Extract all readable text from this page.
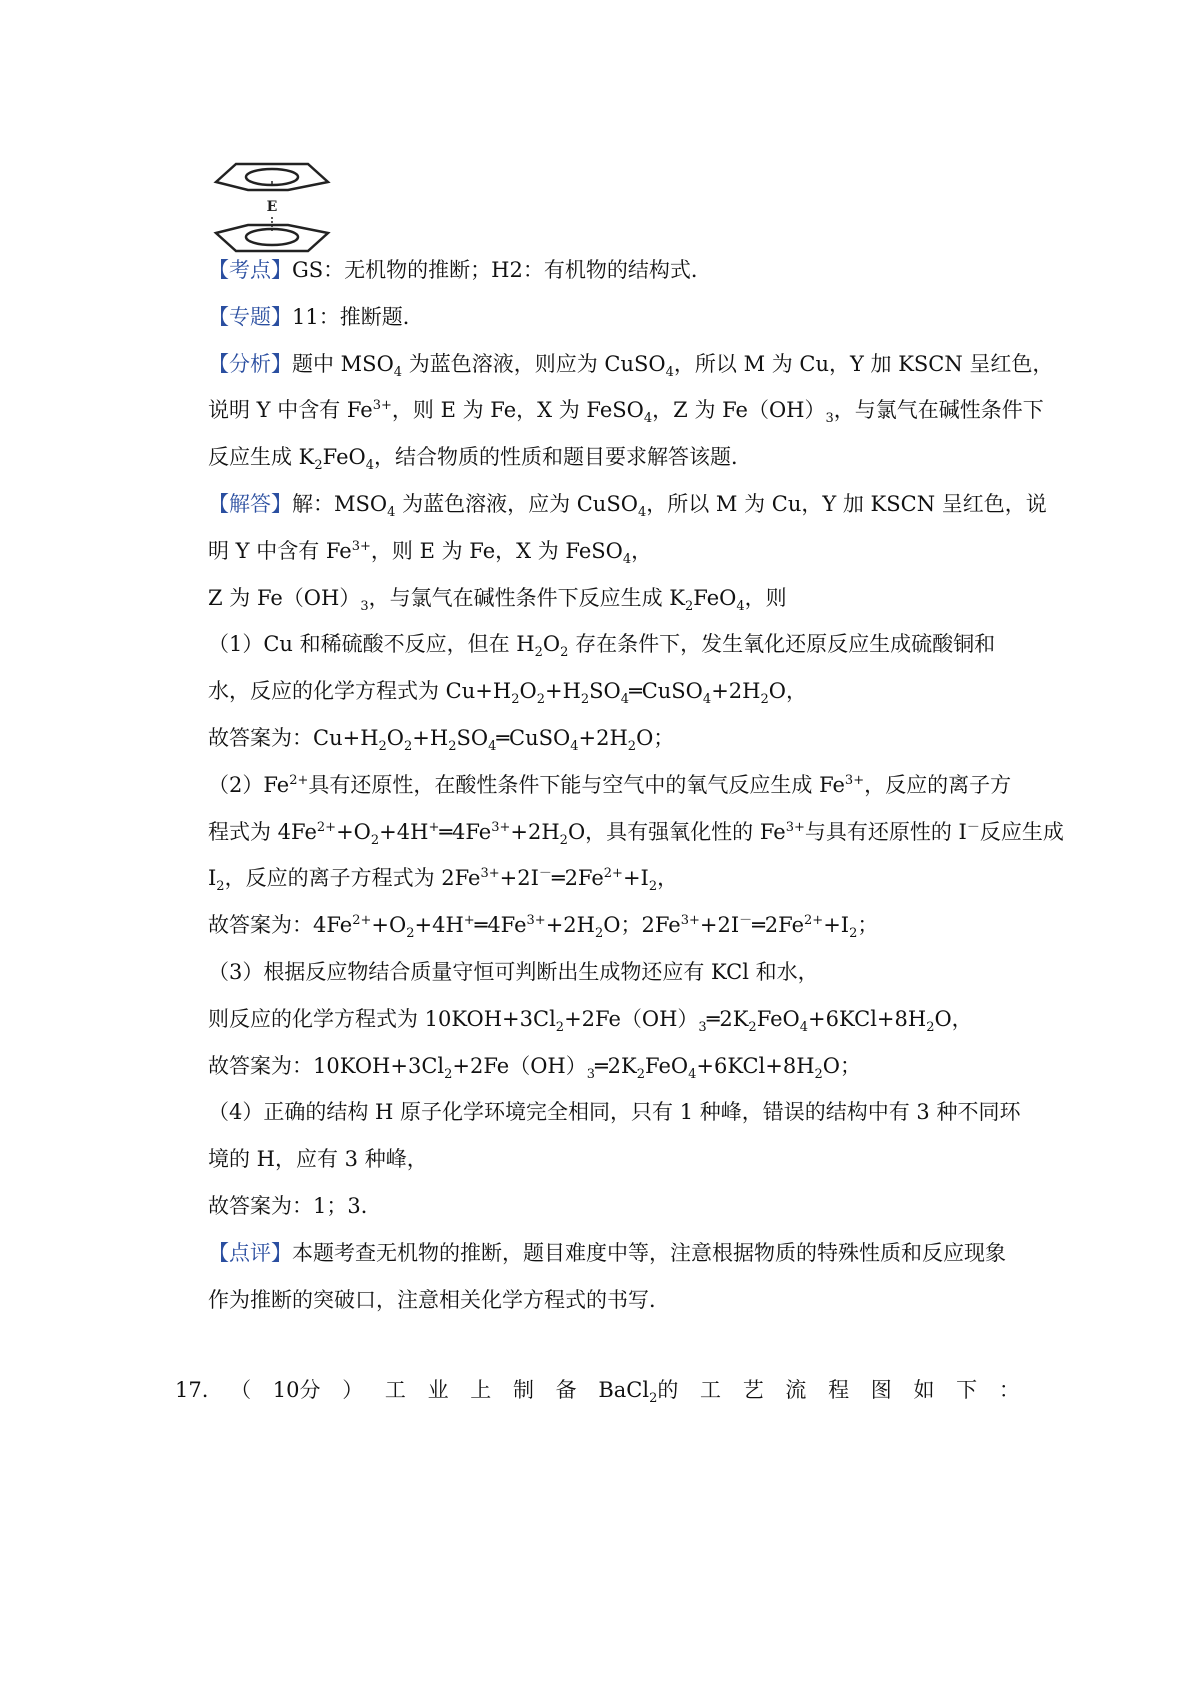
E
【考点】GS：无机物的推断；H2：有机物的结构式．
【专题】11：推断题．
【分析】题中 $MSO_4$ 为蓝色溶液，则应为 CuSO$_4$，所以 M 为 Cu，Y 加 KSCN 呈红色，
说明 Y 中含有 $Fe^{3+}$，则 E 为 Fe，X 为 FeSO$_4$，Z 为 $Fe(OH)_3$，与氯气在碱性条件下
反应生成 $K_2FeO_4$，结合物质的性质和题目要求解答该题．
【解答】解：$MSO_4$ 为蓝色溶液，应为 CuSO$_4$，所以 M 为 Cu，Y 加 KSCN 呈红色，说
明 Y 中含有 $Fe^{3+}$，则 E 为 Fe，X 为 FeSO$_4$，
Z 为 $Fe(OH)_3$，与氯气在碱性条件下反应生成 $K_2FeO_4$，则
（1）Cu 和稀硫酸不反应，但在 $H_2O_2$ 存在条件下，发生氧化还原反应生成硫酸铜和
水，反应的化学方程式为 $Cu+H_2O_2+H_2SO_4═CuSO_4+2H_2O$，
故答案为：$Cu+H_2O_2+H_2SO_4═CuSO_4+2H_2O$；
$(2)Fe^{2+}$具有还原性，在酸性条件下能与空气中的氧气反应生成 $Fe^{3+}$，反应的离子方
程式为 $4Fe^{2+}+O_2+4H^+═4Fe^{3+}+2H_2O$，具有强氧化性的 $Fe^{3+}$与具有还原性的 I－反应生成
$I_2$，反应的离子方程式为 $2Fe^{3+}+2I^-═2Fe^{2+}+I_2$，
故答案为：$4Fe^{2+}+O_2+4H^+═4Fe^{3+}+2H_2O$；$2Fe^{3+}+2I^-═2Fe^{2+}+I_2$；
（3）根据反应物结合质量守恒可判断出生成物还应有 KCl 和水，
则反应的化学方程式为 $10KOH+3Cl_2+2Fe(OH)_3═2K_2FeO_4+6KCl+8H_2O$，
故答案为：$10KOH+3Cl_2+2Fe(OH)_3═2K_2FeO_4+6KCl+8H_2O$；
（4）正确的结构 H 原子化学环境完全相同，只有 1 种峰，错误的结构中有 3 种不同环
境的 H，应有 3 种峰，
故答案为：1；3．
【点评】本题考查无机物的推断，题目难度中等，注意根据物质的特殊性质和反应现象
作为推断的突破口，注意相关化学方程式的书写．
17. （ 10分 ） 工 业 上 制 备 BaCl$_2$的 工 艺 流 程 图 如 下 ：
